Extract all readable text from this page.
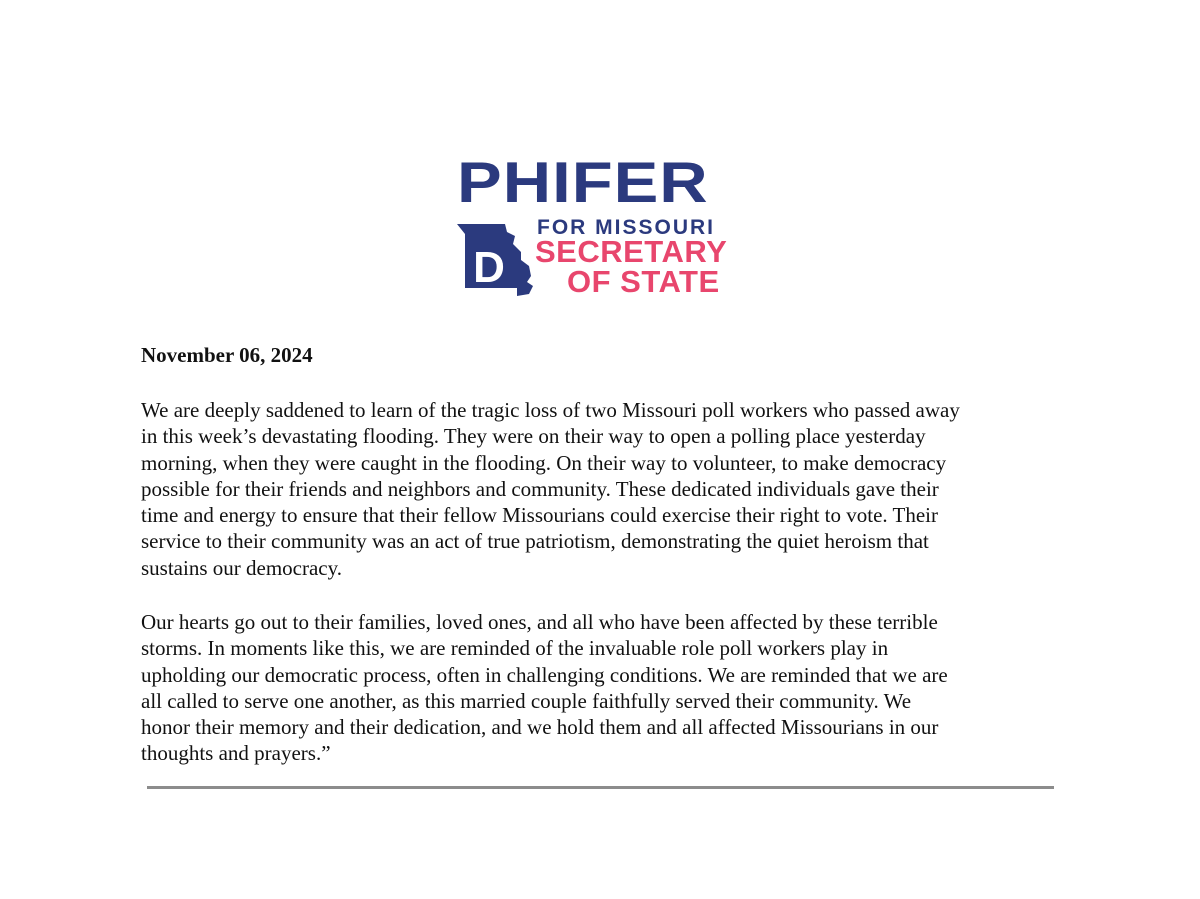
PHIFER
D
FOR MISSOURI
SECRETARY
OF STATE
November 06, 2024

We are deeply saddened to learn of the tragic loss of two Missouri poll workers who passed away
in this week’s devastating flooding. They were on their way to open a polling place yesterday
morning, when they were caught in the flooding. On their way to volunteer, to make democracy
possible for their friends and neighbors and community. These dedicated individuals gave their
time and energy to ensure that their fellow Missourians could exercise their right to vote. Their
service to their community was an act of true patriotism, demonstrating the quiet heroism that
sustains our democracy.

Our hearts go out to their families, loved ones, and all who have been affected by these terrible
storms. In moments like this, we are reminded of the invaluable role poll workers play in
upholding our democratic process, often in challenging conditions. We are reminded that we are
all called to serve one another, as this married couple faithfully served their community. We
honor their memory and their dedication, and we hold them and all affected Missourians in our
thoughts and prayers.”
